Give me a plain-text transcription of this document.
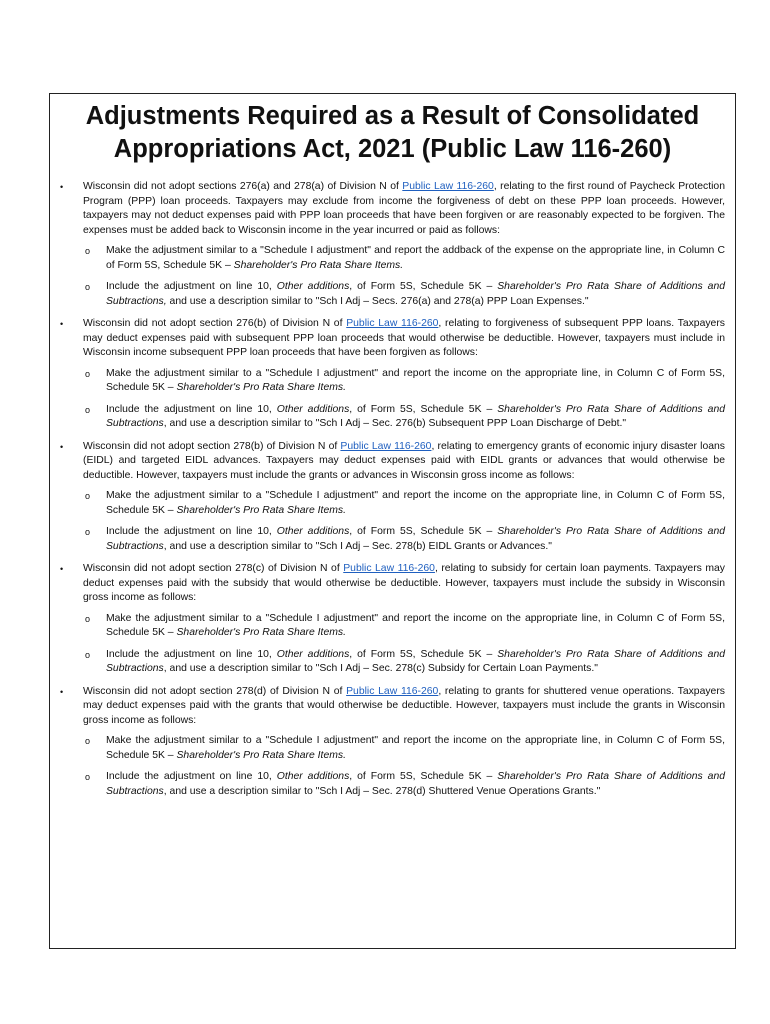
Adjustments Required as a Result of Consolidated
Appropriations Act, 2021 (Public Law 116-260)
•	Wisconsin did not adopt sections 276(a) and 278(a) of Division N of Public Law 116-260, relating to the first round of Paycheck Protection Program (PPP) loan proceeds. Taxpayers may exclude from income the forgiveness of debt on these PPP loan proceeds. However, taxpayers may not deduct expenses paid with PPP loan proceeds that have been forgiven or are reasonably expected to be forgiven. The expenses must be added back to Wisconsin income in the year incurred or paid as follows:

o Make the adjustment similar to a "Schedule I adjustment" and report the addback of the expense on the appropriate line, in Column C of Form 5S, Schedule 5K – Shareholder's Pro Rata Share Items.

o Include the adjustment on line 10, Other additions, of Form 5S, Schedule 5K – Shareholder's Pro Rata Share of Additions and Subtractions, and use a description similar to "Sch I Adj – Secs. 276(a) and 278(a) PPP Loan Expenses."

•	Wisconsin did not adopt section 276(b) of Division N of Public Law 116-260, relating to forgiveness of subsequent PPP loans. Taxpayers may deduct expenses paid with subsequent PPP loan proceeds that would otherwise be deductible. However, taxpayers must include in Wisconsin income subsequent PPP loan proceeds that have been forgiven as follows:

o Make the adjustment similar to a "Schedule I adjustment" and report the income on the appropriate line, in Column C of Form 5S, Schedule 5K – Shareholder's Pro Rata Share Items.

o Include the adjustment on line 10, Other additions, of Form 5S, Schedule 5K – Shareholder's Pro Rata Share of Additions and Subtractions, and use a description similar to "Sch I Adj – Sec. 276(b) Subsequent PPP Loan Discharge of Debt."

•	Wisconsin did not adopt section 278(b) of Division N of Public Law 116-260, relating to emergency grants of economic injury disaster loans (EIDL) and targeted EIDL advances. Taxpayers may deduct expenses paid with EIDL grants or advances that would otherwise be deductible. However, taxpayers must include the grants or advances in Wisconsin gross income as follows:

o Make the adjustment similar to a "Schedule I adjustment" and report the income on the appropriate line, in Column C of Form 5S, Schedule 5K – Shareholder's Pro Rata Share Items.

o Include the adjustment on line 10, Other additions, of Form 5S, Schedule 5K – Shareholder's Pro Rata Share of Additions and Subtractions, and use a description similar to "Sch I Adj – Sec. 278(b) EIDL Grants or Advances."

•	Wisconsin did not adopt section 278(c) of Division N of Public Law 116-260, relating to subsidy for certain loan payments. Taxpayers may deduct expenses paid with the subsidy that would otherwise be deductible. However, taxpayers must include the subsidy in Wisconsin gross income as follows:

o Make the adjustment similar to a "Schedule I adjustment" and report the income on the appropriate line, in Column C of Form 5S, Schedule 5K – Shareholder's Pro Rata Share Items.

o Include the adjustment on line 10, Other additions, of Form 5S, Schedule 5K – Shareholder's Pro Rata Share of Additions and Subtractions, and use a description similar to "Sch I Adj – Sec. 278(c) Subsidy for Certain Loan Payments."

•	Wisconsin did not adopt section 278(d) of Division N of Public Law 116-260, relating to grants for shuttered venue operations. Taxpayers may deduct expenses paid with the grants that would otherwise be deductible. However, taxpayers must include the grants in Wisconsin gross income as follows:

o Make the adjustment similar to a "Schedule I adjustment" and report the income on the appropriate line, in Column C of Form 5S, Schedule 5K – Shareholder's Pro Rata Share Items.

o Include the adjustment on line 10, Other additions, of Form 5S, Schedule 5K – Shareholder's Pro Rata Share of Additions and Subtractions, and use a description similar to "Sch I Adj – Sec. 278(d) Shuttered Venue Operations Grants."
